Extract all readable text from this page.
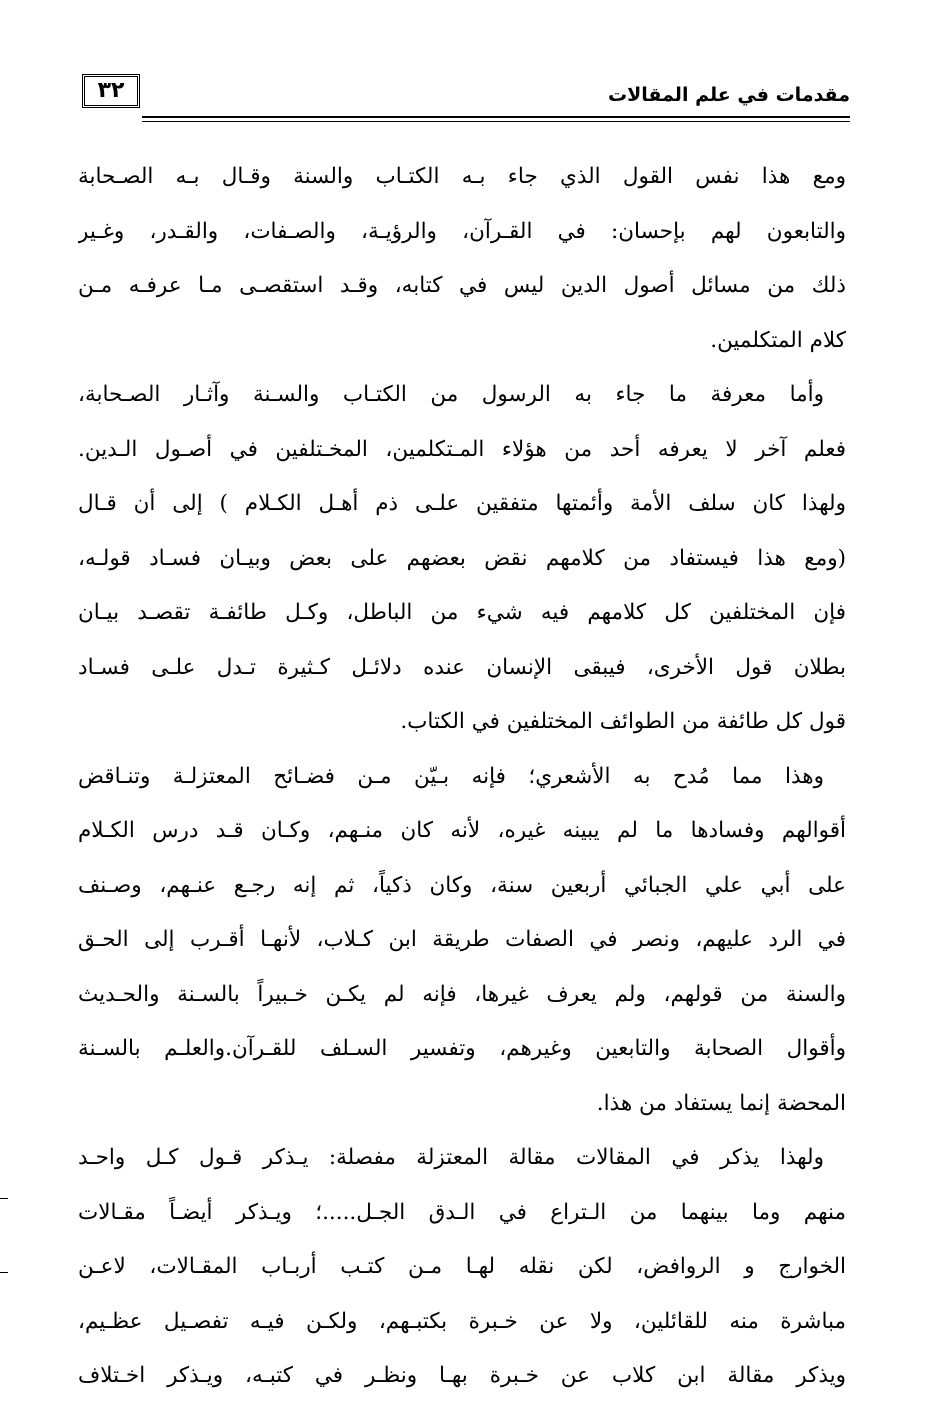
٣٢	مقدمات في علم المقالات
ومع هذا نفس القول الذي جاء بـه الكتـاب والسنة وقـال بـه الصـحابة
والتابعون لهم بإحسان: في القـرآن، والرؤيـة، والصـفات، والقـدر، وغـير
ذلك من مسائل أصول الدين ليس في كتابه، وقـد استقصـى مـا عرفـه مـن
كلام المتكلمين.
وأما معرفة ما جاء به الرسول من الكتـاب والسـنة وآثـار الصـحابة،
فعلم آخر لا يعرفه أحد من هؤلاء المـتكلمين، المخـتلفين في أصـول الـدين.
ولهذا كان سلف الأمة وأئمتها متفقين علـى ذم أهـل الكـلام ) إلى أن قـال
(ومع هذا فيستفاد من كلامهم نقض بعضهم على بعض وبيـان فسـاد قولـه،
فإن المختلفين كل كلامهم فيه شيء من الباطل، وكـل طائفـة تقصـد بيـان
بطلان قول الأخرى، فيبقى الإنسان عنده دلائـل كـثيرة تـدل علـى فسـاد
قول كل طائفة من الطوائف المختلفين في الكتاب.
وهذا مما مُدح به الأشعري؛ فإنه بـيّن مـن فضـائح المعتزلـة وتنـاقض
أقوالهم وفسادها ما لم يبينه غيره، لأنه كان منـهم، وكـان قـد درس الكـلام
على أبي علي الجبائي أربعين سنة، وكان ذكياً، ثم إنه رجـع عنـهم، وصـنف
في الرد عليهم، ونصر في الصفات طريقة ابن كـلاب، لأنهـا أقـرب إلى الحـق
والسنة من قولهم، ولم يعرف غيرها، فإنه لم يكـن خـبيراً بالسـنة والحـديث
وأقوال الصحابة والتابعين وغيرهم، وتفسير السـلف للقـرآن.والعلـم بالسـنة
المحضة إنما يستفاد من هذا.
ولهذا يذكر في المقالات مقالة المعتزلة مفصلة: يـذكر قـول كـل واحـد
منهم وما بينهما من الـتراع في الـدق الجـل.....؛ ويـذكر أيضـاً مقـالات
الخوارج و الروافض، لكن نقله لهـا مـن كتـب أربـاب المقـالات، لاعـن
مباشرة منه للقائلين، ولا عن خـبرة بكتبـهم، ولكـن فيـه تفصـيل عظـيم،
ويذكر مقالة ابن كلاب عن خـبرة بهـا ونظـر في كتبـه، ويـذكر اخـتلاف
